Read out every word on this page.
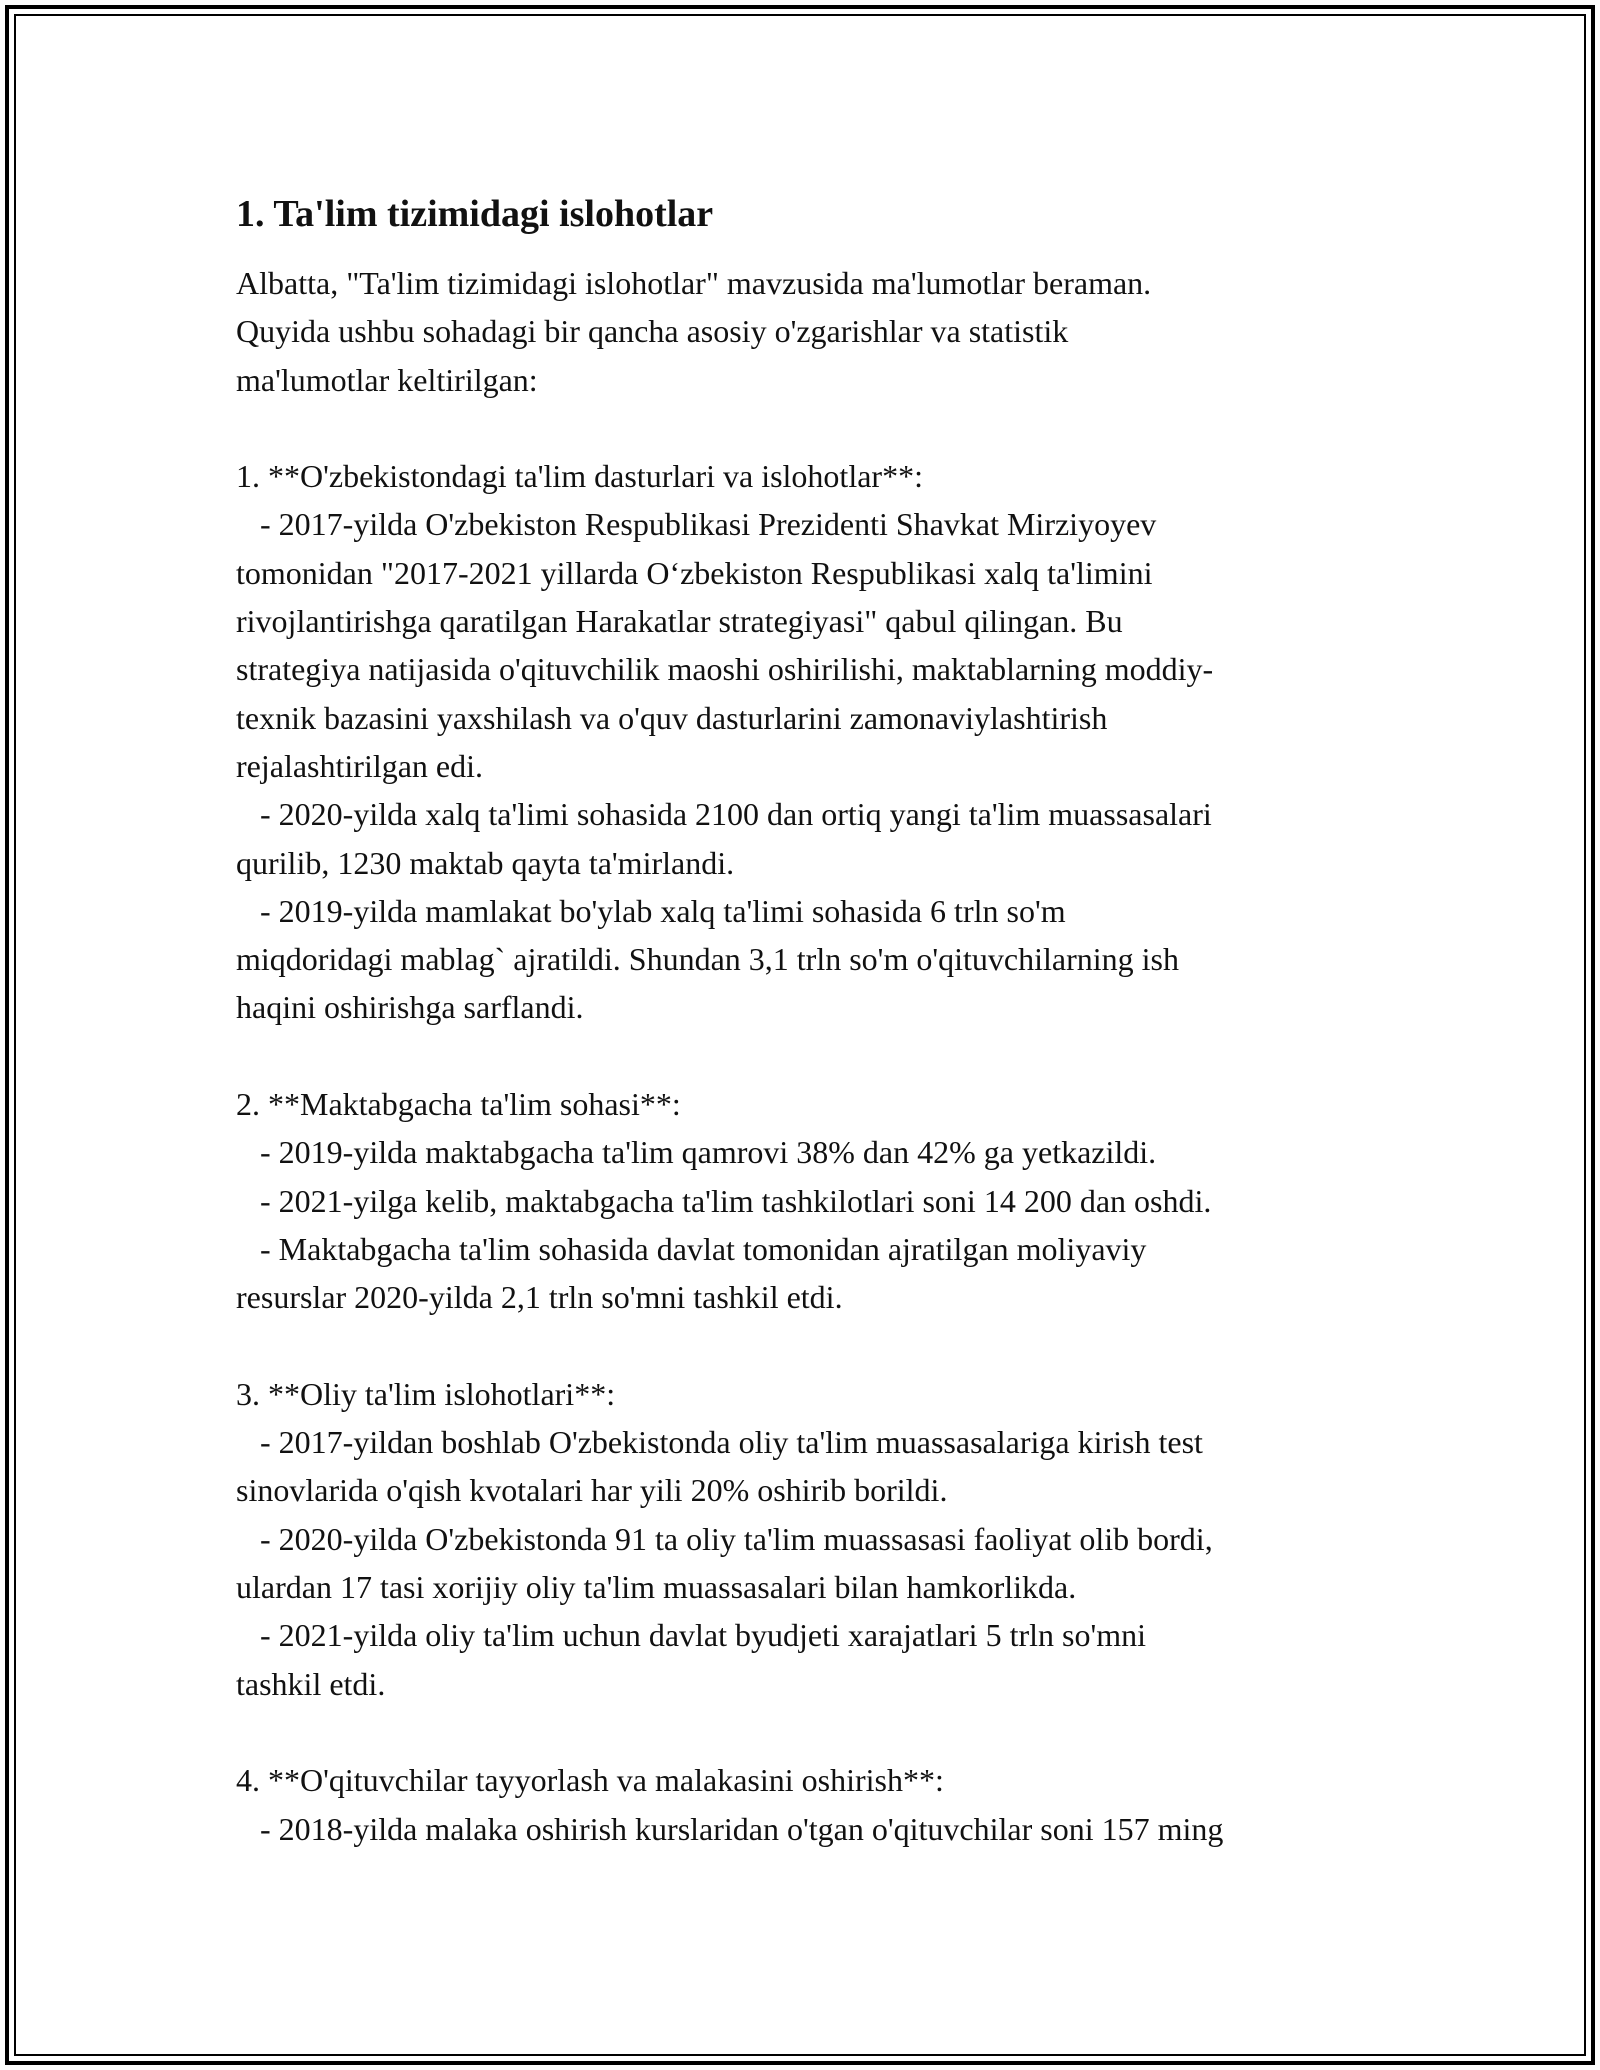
1. Ta'lim tizimidagi islohotlar
Albatta, "Ta'lim tizimidagi islohotlar" mavzusida ma'lumotlar beraman.
Quyida ushbu sohadagi bir qancha asosiy o'zgarishlar va statistik
ma'lumotlar keltirilgan:

1. **O'zbekistondagi ta'lim dasturlari va islohotlar**:
- 2017-yilda O'zbekiston Respublikasi Prezidenti Shavkat Mirziyoyev
tomonidan "2017-2021 yillarda O‘zbekiston Respublikasi xalq ta'limini
rivojlantirishga qaratilgan Harakatlar strategiyasi" qabul qilingan. Bu
strategiya natijasida o'qituvchilik maoshi oshirilishi, maktablarning moddiy-
texnik bazasini yaxshilash va o'quv dasturlarini zamonaviylashtirish
rejalashtirilgan edi.
- 2020-yilda xalq ta'limi sohasida 2100 dan ortiq yangi ta'lim muassasalari
qurilib, 1230 maktab qayta ta'mirlandi.
- 2019-yilda mamlakat bo'ylab xalq ta'limi sohasida 6 trln so'm
miqdoridagi mablag` ajratildi. Shundan 3,1 trln so'm o'qituvchilarning ish
haqini oshirishga sarflandi.

2. **Maktabgacha ta'lim sohasi**:
- 2019-yilda maktabgacha ta'lim qamrovi 38% dan 42% ga yetkazildi.
- 2021-yilga kelib, maktabgacha ta'lim tashkilotlari soni 14 200 dan oshdi.
- Maktabgacha ta'lim sohasida davlat tomonidan ajratilgan moliyaviy
resurslar 2020-yilda 2,1 trln so'mni tashkil etdi.

3. **Oliy ta'lim islohotlari**:
- 2017-yildan boshlab O'zbekistonda oliy ta'lim muassasalariga kirish test
sinovlarida o'qish kvotalari har yili 20% oshirib borildi.
- 2020-yilda O'zbekistonda 91 ta oliy ta'lim muassasasi faoliyat olib bordi,
ulardan 17 tasi xorijiy oliy ta'lim muassasalari bilan hamkorlikda.
- 2021-yilda oliy ta'lim uchun davlat byudjeti xarajatlari 5 trln so'mni
tashkil etdi.

4. **O'qituvchilar tayyorlash va malakasini oshirish**:
- 2018-yilda malaka oshirish kurslaridan o'tgan o'qituvchilar soni 157 ming
